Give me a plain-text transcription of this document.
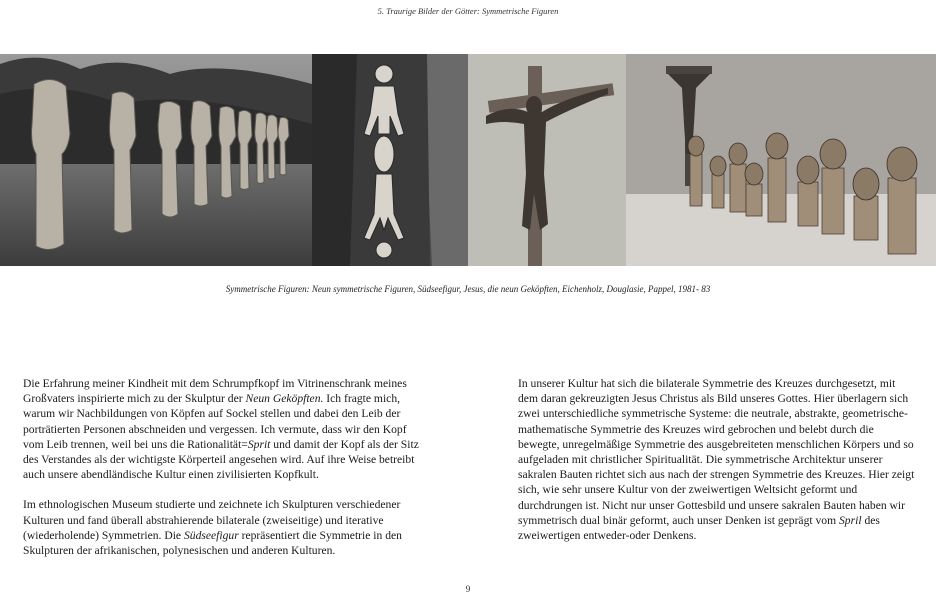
5. Traurige Bilder der Götter: Symmetrische Figuren
Symmetrische Figuren: Neun symmetrische Figuren, Südseefigur, Jesus, die neun Geköpften, Eichenholz, Douglasie, Pappel, 1981- 83

Die Erfahrung meiner Kindheit mit dem Schrumpfkopf im Vitrinenschrank meines Großvaters inspirierte mich zu der Skulptur der Neun Geköpften. Ich fragte mich, warum wir Nachbildungen von Köpfen auf Sockel stellen und dabei den Leib der porträtierten Personen abschneiden und vergessen. Ich vermute, dass wir den Kopf vom Leib trennen, weil bei uns die Rationalität=Sprit und damit der Kopf als der Sitz des Verstandes als der wichtigste Körperteil angesehen wird. Auf ihre Weise betreibt auch unsere abendländische Kultur einen zivilisierten Kopfkult.

Im ethnologischen Museum studierte und zeichnete ich Skulpturen verschiedener Kulturen und fand überall abstrahierende bilaterale (zweiseitige) und iterative (wiederholende) Symmetrien. Die Südseefigur repräsentiert die Symmetrie in den Skulpturen der afrikanischen, polynesischen und anderen Kulturen.

In unserer Kultur hat sich die bilaterale Symmetrie des Kreuzes durchgesetzt, mit dem daran gekreuzigten Jesus Christus als Bild unseres Gottes. Hier überlagern sich zwei unterschiedliche symmetrische Systeme: die neutrale, abstrakte, geometrische-mathematische Symmetrie des Kreuzes wird gebrochen und belebt durch die bewegte, unregelmäßige Symmetrie des ausgebreiteten menschlichen Körpers und so aufgeladen mit christlicher Spiritualität. Die symmetrische Architektur unserer sakralen Bauten richtet sich aus nach der strengen Symmetrie des Kreuzes. Hier zeigt sich, wie sehr unsere Kultur von der zweiwertigen Weltsicht geformt und durchdrungen ist. Nicht nur unser Gottesbild und unsere sakralen Bauten haben wir symmetrisch dual binär geformt, auch unser Denken ist geprägt vom Spril des zweiwertigen entweder-oder Denkens.

9
